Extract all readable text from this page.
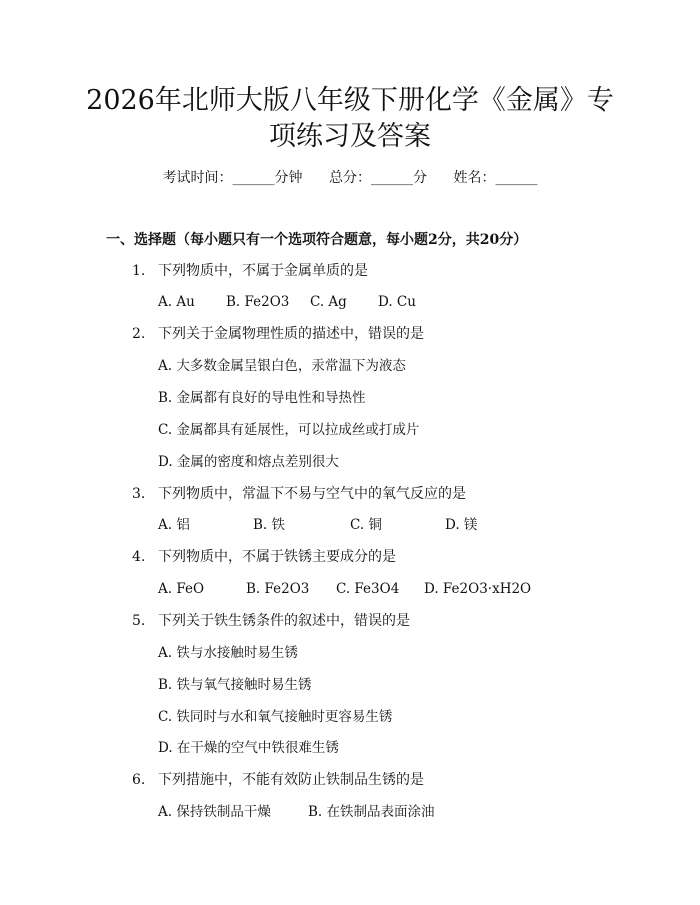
2026年北师大版八年级下册化学《金属》专
项练习及答案
考试时间：______分钟 总分：______分 姓名：______
一、选择题（每小题只有一个选项符合题意，每小题2分，共20分）
1. 下列物质中，不属于金属单质的是
A. Au B. Fe2O3 C. Ag D. Cu
2. 下列关于金属物理性质的描述中，错误的是
A. 大多数金属呈银白色，汞常温下为液态
B. 金属都有良好的导电性和导热性
C. 金属都具有延展性，可以拉成丝或打成片
D. 金属的密度和熔点差别很大
3. 下列物质中，常温下不易与空气中的氧气反应的是
A. 铝	B. 铁	C. 铜	D. 镁
4. 下列物质中，不属于铁锈主要成分的是
A. FeO	B. Fe2O3 C. Fe3O4 D. Fe2O3·xH2O
5. 下列关于铁生锈条件的叙述中，错误的是
A. 铁与水接触时易生锈
B. 铁与氧气接触时易生锈
C. 铁同时与水和氧气接触时更容易生锈
D. 在干燥的空气中铁很难生锈
6. 下列措施中，不能有效防止铁制品生锈的是
A. 保持铁制品干燥	B. 在铁制品表面涂油
